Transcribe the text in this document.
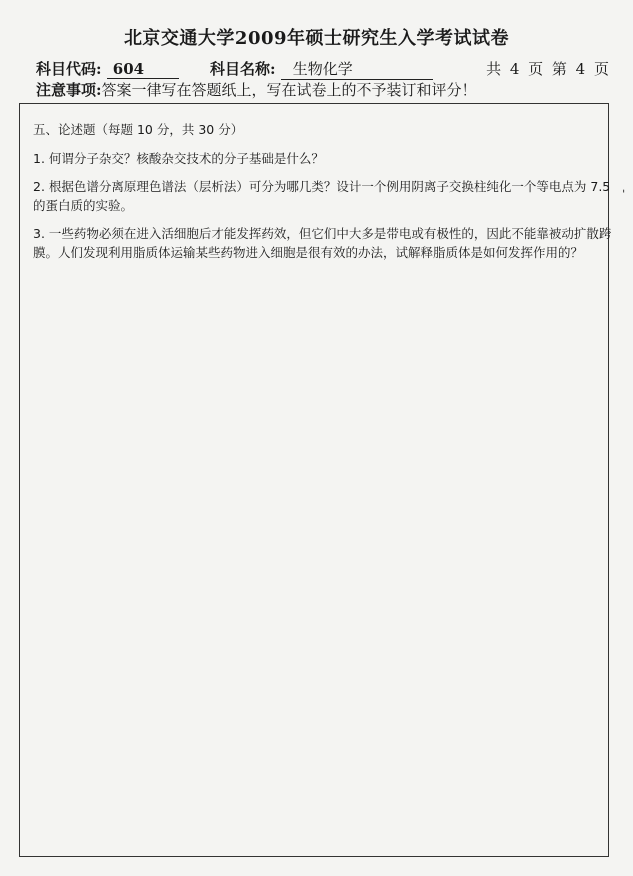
北京交通大学2009年硕士研究生入学考试试卷
科目代码: 604	科目名称: 生物化学	共 4 页 第 4 页
注意事项:答案一律写在答题纸上，写在试卷上的不予装订和评分！

五、论述题（每题 10 分，共 30 分）

1. 何谓分子杂交？核酸杂交技术的分子基础是什么？

2. 根据色谱分离原理色谱法（层析法）可分为哪几类？设计一个例用阴离子交换柱纯化一个等电点为 7.5 的蛋白质的实验。

3. 一些药物必须在进入活细胞后才能发挥药效，但它们中大多是带电或有极性的，因此不能靠被动扩散跨膜。人们发现利用脂质体运输某些药物进入细胞是很有效的办法，试解释脂质体是如何发挥作用的？

ˈ
